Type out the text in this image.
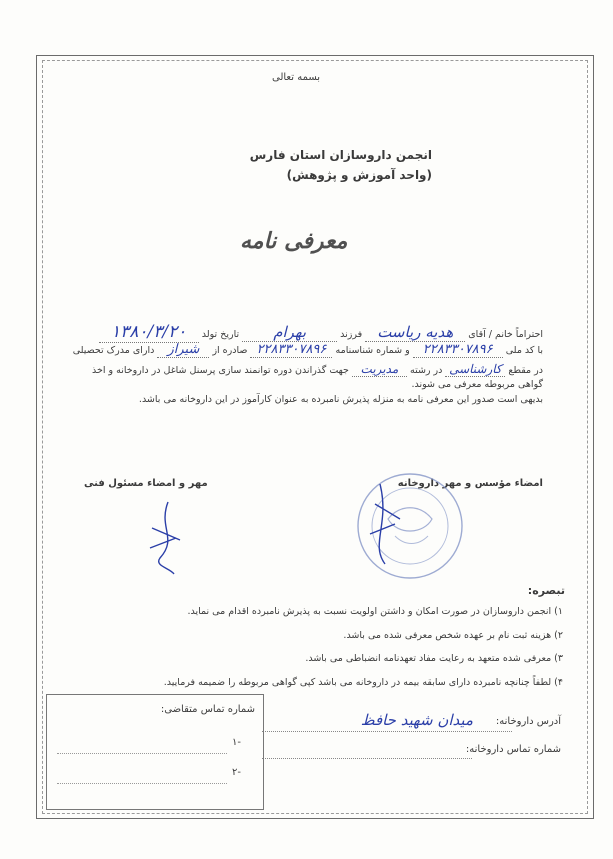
بسمه تعالی
انجمن داروسازان استان فارس
(واحد آموزش و پژوهش)
معرفی نامه
احتراماً خانم / آقای هدیه ریاست فرزند بهرام تاریخ تولد ۱۳۸۰/۳/۲۰
با کد ملی ۲۲۸۳۳۰۷۸۹۶ و شماره شناسنامه ۲۲۸۳۳۰۷۸۹۶ صادره از شیراز دارای مدرک تحصیلی
در مقطع کارشناسی در رشته مدیریت جهت گذراندن دوره توانمند سازی پرسنل شاغل در داروخانه و اخذ
گواهی مربوطه معرفی می شوند.
بدیهی است صدور این معرفی نامه به منزله پذیرش نامبرده به عنوان کارآموز در این داروخانه می باشد.
امضاء مؤسس و مهر داروخانه
مهر و امضاء مسئول فنی
تبصره:
۱) انجمن داروسازان در صورت امکان و داشتن اولویت نسبت به پذیرش نامبرده اقدام می نماید.
۲) هزینه ثبت نام بر عهده شخص معرفی شده می باشد.
۳) معرفی شده متعهد به رعایت مفاد تعهدنامه انضباطی می باشد.
۴) لطفاً چنانچه نامبرده دارای سابقه بیمه در داروخانه می باشد کپی گواهی مربوطه را ضمیمه فرمایید.
آدرس داروخانه:
میدان شهید حافظ
شماره تماس داروخانه:
شماره تماس متقاضی:
-۱
-۲
